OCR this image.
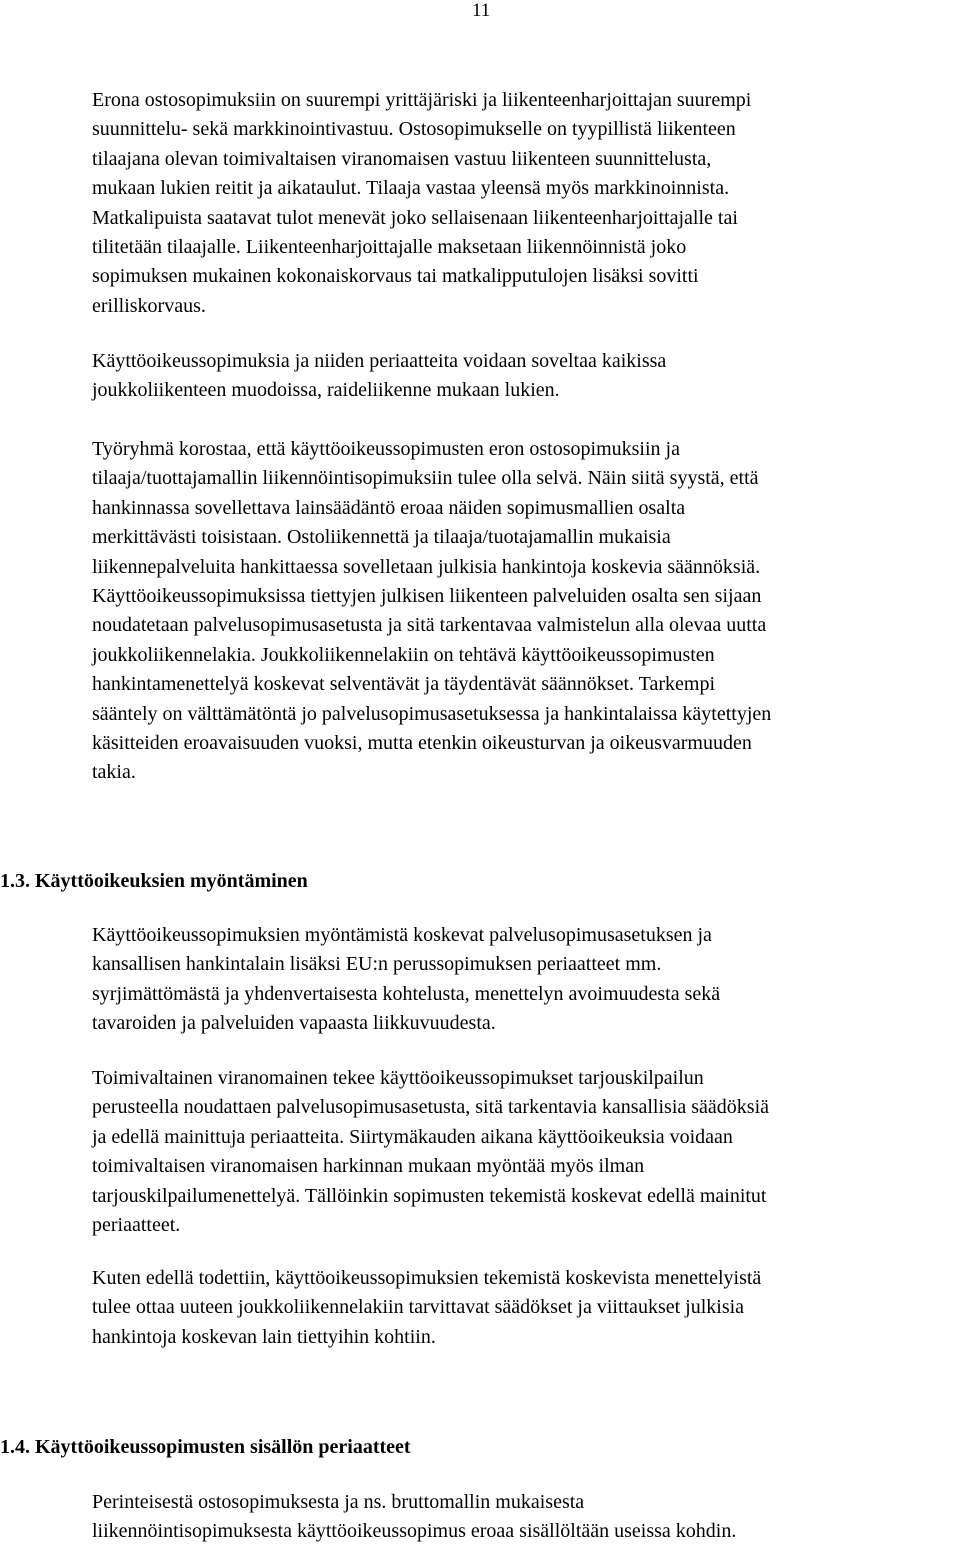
11

Erona ostosopimuksiin on suurempi yrittäjäriski ja liikenteenharjoittajan suurempi
suunnittelu- sekä markkinointivastuu. Ostosopimukselle on tyypillistä liikenteen
tilaajana olevan toimivaltaisen viranomaisen vastuu liikenteen suunnittelusta,
mukaan lukien reitit ja aikataulut. Tilaaja vastaa yleensä myös markkinoinnista.
Matkalipuista saatavat tulot menevät joko sellaisenaan liikenteenharjoittajalle tai
tilitetään tilaajalle. Liikenteenharjoittajalle maksetaan liikennöinnistä joko
sopimuksen mukainen kokonaiskorvaus tai matkalipputulojen lisäksi sovitti
erilliskorvaus.

Käyttöoikeussopimuksia ja niiden periaatteita voidaan soveltaa kaikissa
joukkoliikenteen muodoissa, raideliikenne mukaan lukien.

Työryhmä korostaa, että käyttöoikeussopimusten eron ostosopimuksiin ja
tilaaja/tuottajamallin liikennöintisopimuksiin tulee olla selvä. Näin siitä syystä, että
hankinnassa sovellettava lainsäädäntö eroaa näiden sopimusmallien osalta
merkittävästi toisistaan. Ostoliikennettä ja tilaaja/tuotajamallin mukaisia
liikennepalveluita hankittaessa sovelletaan julkisia hankintoja koskevia säännöksiä.
Käyttöoikeussopimuksissa tiettyjen julkisen liikenteen palveluiden osalta sen sijaan
noudatetaan palvelusopimusasetusta ja sitä tarkentavaa valmistelun alla olevaa uutta
joukkoliikennelakia. Joukkoliikennelakiin on tehtävä käyttöoikeussopimusten
hankintamenettelyä koskevat selventävät ja täydentävät säännökset. Tarkempi
sääntely on välttämätöntä jo palvelusopimusasetuksessa ja hankintalaissa käytettyjen
käsitteiden eroavaisuuden vuoksi, mutta etenkin oikeusturvan ja oikeusvarmuuden
takia.

1.3. Käyttöoikeuksien myöntäminen

Käyttöoikeussopimuksien myöntämistä koskevat palvelusopimusasetuksen ja
kansallisen hankintalain lisäksi EU:n perussopimuksen periaatteet mm.
syrjimättömästä ja yhdenvertaisesta kohtelusta, menettelyn avoimuudesta sekä
tavaroiden ja palveluiden vapaasta liikkuvuudesta.

Toimivaltainen viranomainen tekee käyttöoikeussopimukset tarjouskilpailun
perusteella noudattaen palvelusopimusasetusta, sitä tarkentavia kansallisia säädöksiä
ja edellä mainittuja periaatteita. Siirtymäkauden aikana käyttöoikeuksia voidaan
toimivaltaisen viranomaisen harkinnan mukaan myöntää myös ilman
tarjouskilpailumenettelyä. Tällöinkin sopimusten tekemistä koskevat edellä mainitut
periaatteet.

Kuten edellä todettiin, käyttöoikeussopimuksien tekemistä koskevista menettelyistä
tulee ottaa uuteen joukkoliikennelakiin tarvittavat säädökset ja viittaukset julkisia
hankintoja koskevan lain tiettyihin kohtiin.

1.4. Käyttöoikeussopimusten sisällön periaatteet

Perinteisestä ostosopimuksesta ja ns. bruttomallin mukaisesta
liikennöintisopimuksesta käyttöoikeussopimus eroaa sisällöltään useissa kohdin.
